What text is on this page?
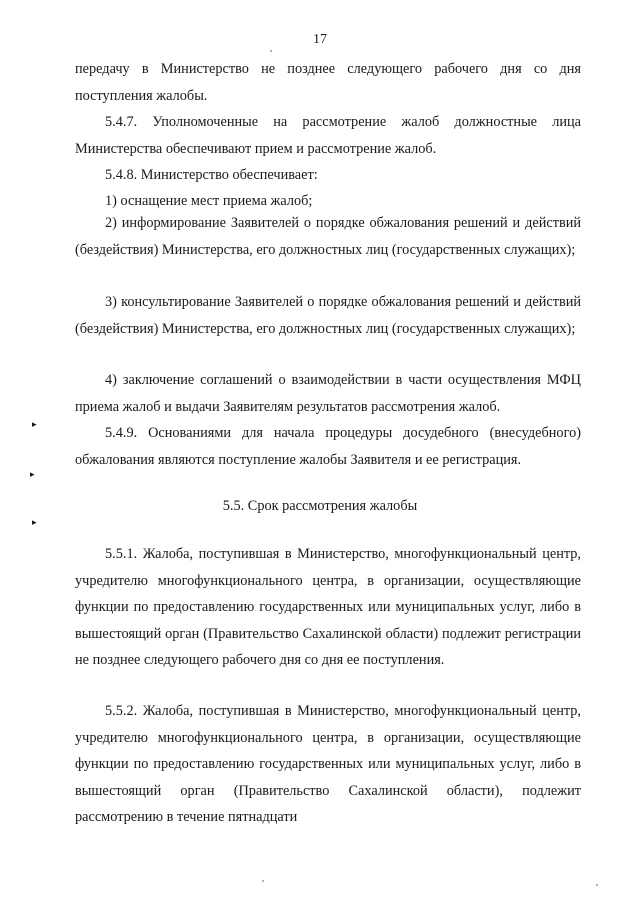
17

передачу в Министерство не позднее следующего рабочего дня со дня поступления жалобы.

5.4.7. Уполномоченные на рассмотрение жалоб должностные лица Министерства обеспечивают прием и рассмотрение жалоб.

5.4.8. Министерство обеспечивает:

1) оснащение мест приема жалоб;

2) информирование Заявителей о порядке обжалования решений и действий (бездействия) Министерства, его должностных лиц (государственных служащих);

3) консультирование Заявителей о порядке обжалования решений и действий (бездействия) Министерства, его должностных лиц (государственных служащих);

4) заключение соглашений о взаимодействии в части осуществления МФЦ приема жалоб и выдачи Заявителям результатов рассмотрения жалоб.

5.4.9. Основаниями для начала процедуры досудебного (внесудебного) обжалования являются поступление жалобы Заявителя и ее регистрация.

5.5. Срок рассмотрения жалобы

5.5.1. Жалоба, поступившая в Министерство, многофункциональный центр, учредителю многофункционального центра, в организации, осуществляющие функции по предоставлению государственных или муниципальных услуг, либо в вышестоящий орган (Правительство Сахалинской области) подлежит регистрации не позднее следующего рабочего дня со дня ее поступления.

5.5.2. Жалоба, поступившая в Министерство, многофункциональный центр, учредителю многофункционального центра, в организации, осуществляющие функции по предоставлению государственных или муниципальных услуг, либо в вышестоящий орган (Правительство Сахалинской области), подлежит рассмотрению в течение пятнадцати

▸
▸
▸
